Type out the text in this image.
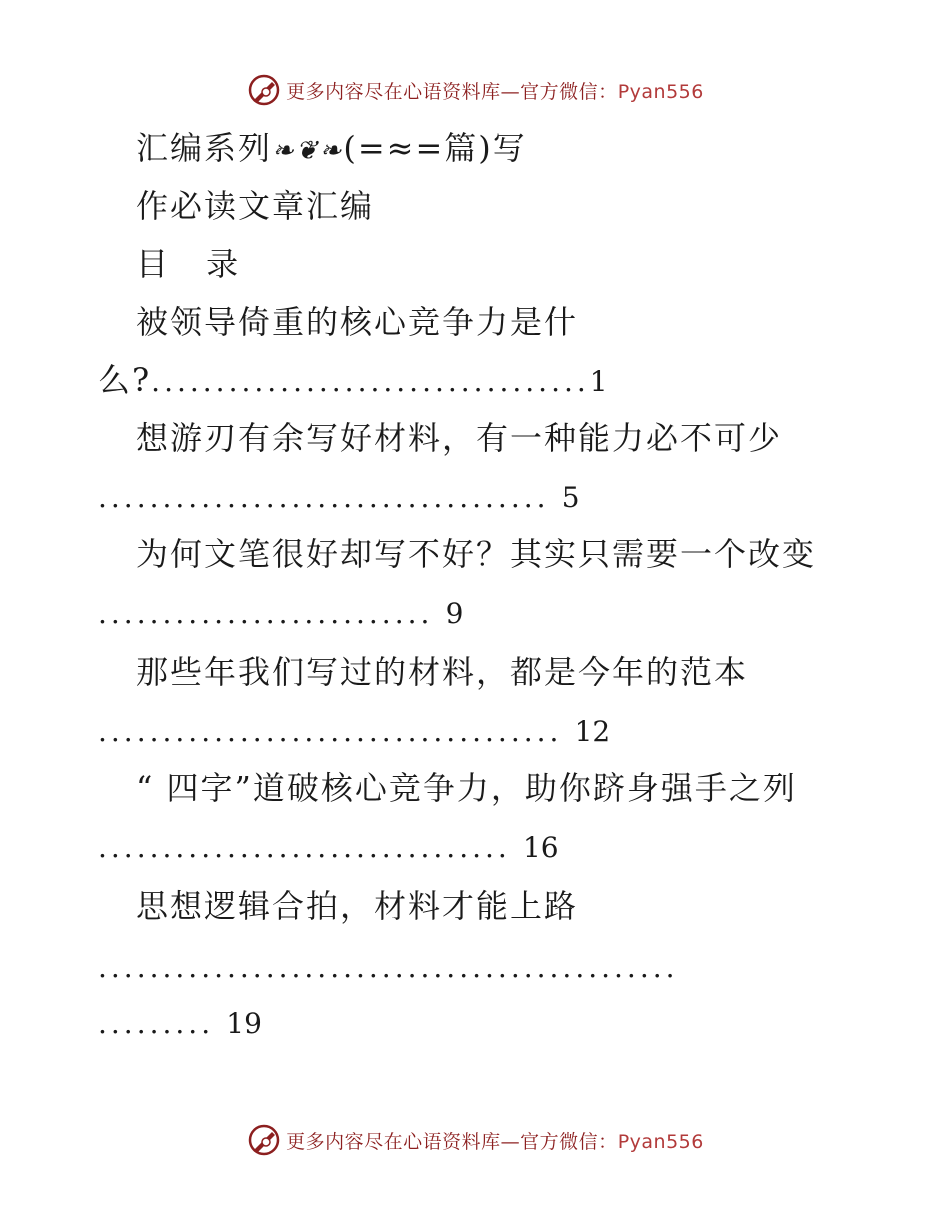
更多内容尽在心语资料库—官方微信：Pyan556
汇编系列❧❦❧(=≈=篇)写
作必读文章汇编
目 录
被领导倚重的核心竞争力是什
么?..................................1
想游刃有余写好材料，有一种能力必不可少
................................... 5
为何文笔很好却写不好？其实只需要一个改变
.......................... 9
那些年我们写过的材料，都是今年的范本
.................................... 12
“ 四字”道破核心竞争力，助你跻身强手之列
................................ 16
思想逻辑合拍，材料才能上路
.............................................
......... 19
更多内容尽在心语资料库—官方微信：Pyan556
